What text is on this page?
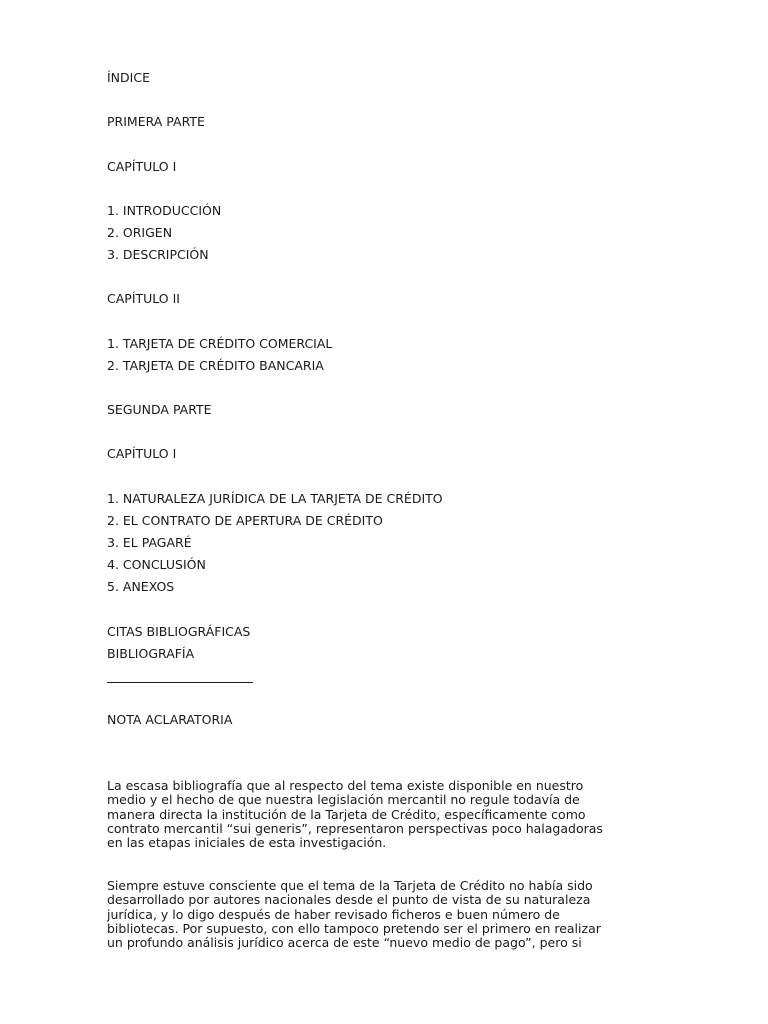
ÍNDICE
PRIMERA PARTE
CAPÍTULO I
1. INTRODUCCIÓN
2. ORIGEN
3. DESCRIPCIÓN
CAPÍTULO II
1. TARJETA DE CRÉDITO COMERCIAL
2. TARJETA DE CRÉDITO BANCARIA
SEGUNDA PARTE
CAPÍTULO I
1. NATURALEZA JURÍDICA DE LA TARJETA DE CRÉDITO
2. EL CONTRATO DE APERTURA DE CRÉDITO
3. EL PAGARÉ
4. CONCLUSIÓN
5. ANEXOS
CITAS BIBLIOGRÁFICAS
BIBLIOGRAFÍA
NOTA ACLARATORIA
La escasa bibliografía que al respecto del tema existe disponible en nuestro
medio y el hecho de que nuestra legislación mercantil no regule todavía de
manera directa la institución de la Tarjeta de Crédito, específicamente como
contrato mercantil “sui generis”, representaron perspectivas poco halagadoras
en las etapas iniciales de esta investigación.
Siempre estuve consciente que el tema de la Tarjeta de Crédito no había sido
desarrollado por autores nacionales desde el punto de vista de su naturaleza
jurídica, y lo digo después de haber revisado ficheros e buen número de
bibliotecas. Por supuesto, con ello tampoco pretendo ser el primero en realizar
un profundo análisis jurídico acerca de este “nuevo medio de pago”, pero si
